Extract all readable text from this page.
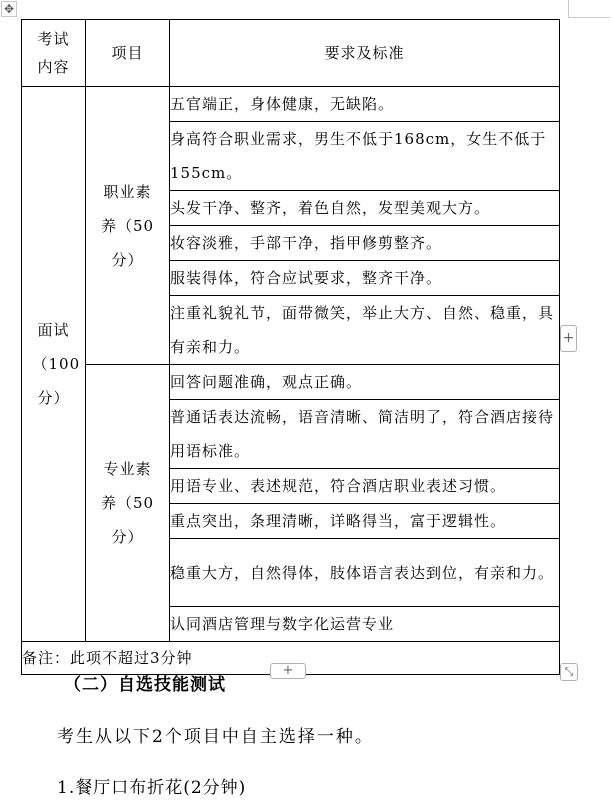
✥
考试内容	项目	要求及标准

面试（100分）	职业素养（50分）	五官端正，身体健康，无缺陷。
		身高符合职业需求，男生不低于168cm，女生不低于155cm。
		头发干净、整齐，着色自然，发型美观大方。
		妆容淡雅，手部干净，指甲修剪整齐。
		服装得体，符合应试要求，整齐干净。
		注重礼貌礼节，面带微笑，举止大方、自然、稳重，具有亲和力。

	专业素养（50分）	回答问题准确，观点正确。
		普通话表达流畅，语音清晰、简洁明了，符合酒店接待用语标准。
		用语专业、表述规范，符合酒店职业表述习惯。
		重点突出，条理清晰，详略得当，富于逻辑性。
		稳重大方，自然得体，肢体语言表达到位，有亲和力。
		认同酒店管理与数字化运营专业
备注：此项不超过3分钟		
+
+	⤡
（二）自选技能测试
考生从以下2个项目中自主选择一种。
1.餐厅口布折花(2分钟)
